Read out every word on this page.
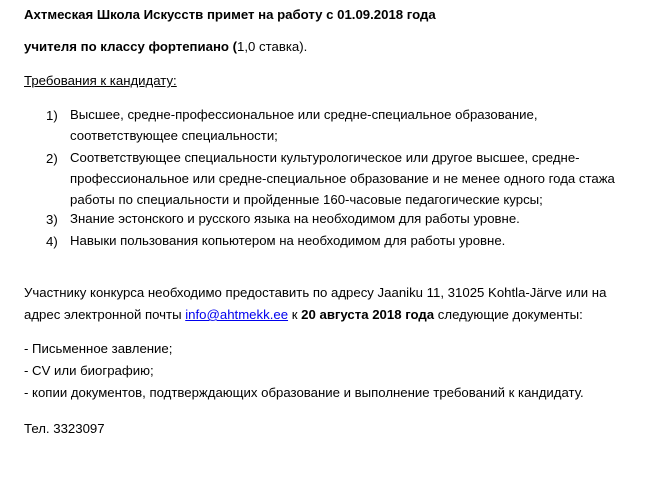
Ахтмеская Школа Искусств примет на работу с 01.09.2018 года
учителя по классу фортепиано (1,0 ставка).
Требования к кандидату:
1) Высшее, средне-профессиональное или средне-специальное образование,
соответствующее специальности;
2) Соответствующее специальности культурологическое или другое высшее, средне-
профессиональное или средне-специальное образование и не менее одного года стажа
работы по специальности и пройденные 160-часовые педагогические курсы;
3) Знание эстонского и русского языка на необходимом для работы уровне.
4) Навыки пользования копьютером на необходимом для работы уровне.
Участнику конкурса необходимо предоставить по адресу Jaaniku 11, 31025 Kohtla-Järve или на
адрес электронной почты info@ahtmekk.ee к 20 августа 2018 года следующие документы:
- Письменное завление;
- CV или биографию;
- копии документов, подтверждающих образование и выполнение требований к кандидату.
Тел. 3323097
